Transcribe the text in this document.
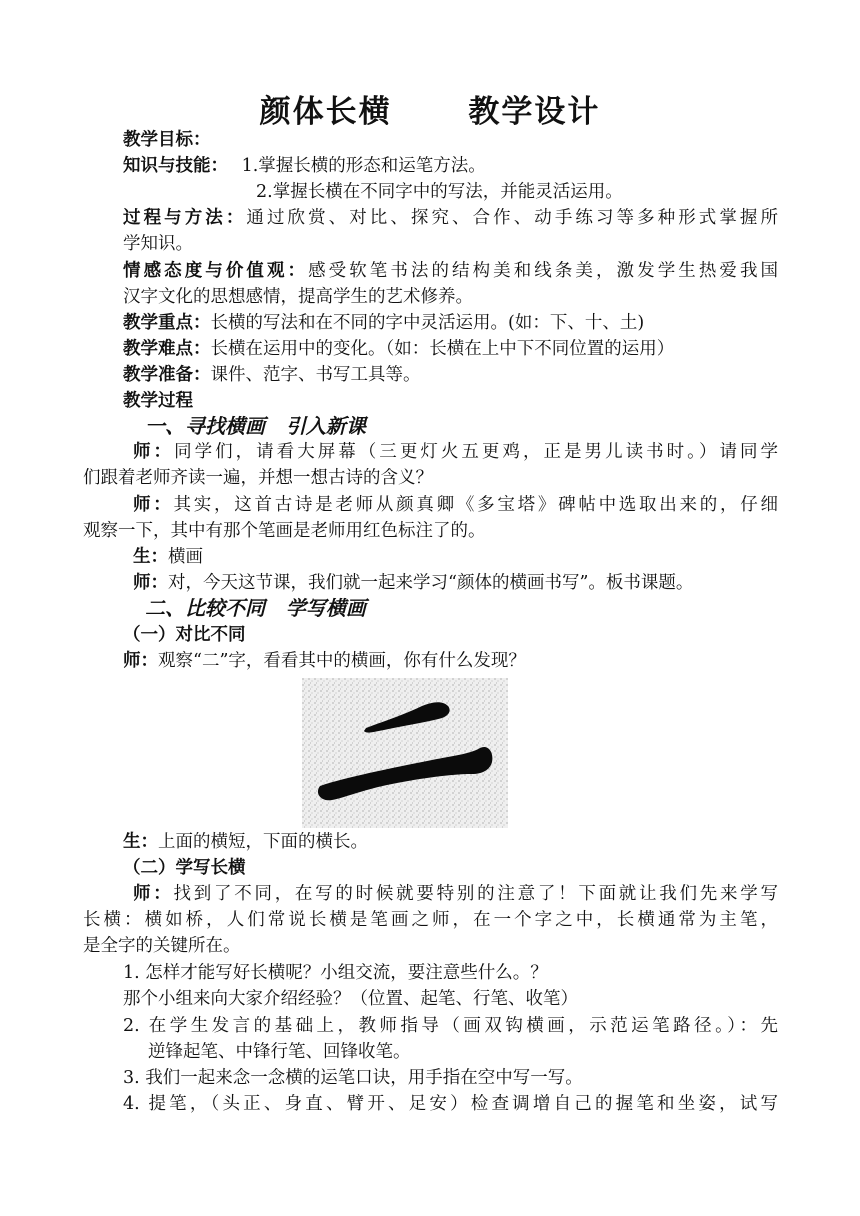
颜体长横      教学设计
教学目标：
知识与技能： 1.掌握长横的形态和运笔方法。
2.掌握长横在不同字中的写法，并能灵活运用。
过程与方法：通过欣赏、对比、探究、合作、动手练习等多种形式掌握所
学知识。
情感态度与价值观：感受软笔书法的结构美和线条美，激发学生热爱我国
汉字文化的思想感情，提高学生的艺术修养。
教学重点：长横的写法和在不同的字中灵活运用。(如：下、十、土)
教学难点：长横在运用中的变化。（如：长横在上中下不同位置的运用）
教学准备：课件、范字、书写工具等。
教学过程
一、寻找横画   引入新课
师：同学们，请看大屏幕（三更灯火五更鸡，正是男儿读书时。）请同学
们跟着老师齐读一遍，并想一想古诗的含义？
师：其实，这首古诗是老师从颜真卿《多宝塔》碑帖中选取出来的，仔细
观察一下，其中有那个笔画是老师用红色标注了的。
生：横画
师：对，今天这节课，我们就一起来学习“颜体的横画书写”。板书课题。
二、比较不同   学写横画
（一）对比不同
师：观察“二”字，看看其中的横画，你有什么发现？
生：上面的横短，下面的横长。
（二）学写长横
师：找到了不同，在写的时候就要特别的注意了！下面就让我们先来学写
长横：横如桥，人们常说长横是笔画之师，在一个字之中，长横通常为主笔，
是全字的关键所在。
1. 怎样才能写好长横呢？小组交流，要注意些什么。？
那个小组来向大家介绍经验？（位置、起笔、行笔、收笔）
2. 在学生发言的基础上，教师指导（画双钩横画，示范运笔路径。）：先
逆锋起笔、中锋行笔、回锋收笔。
3. 我们一起来念一念横的运笔口诀，用手指在空中写一写。
4. 提笔，（头正、身直、臂开、足安）检查调增自己的握笔和坐姿，试写
